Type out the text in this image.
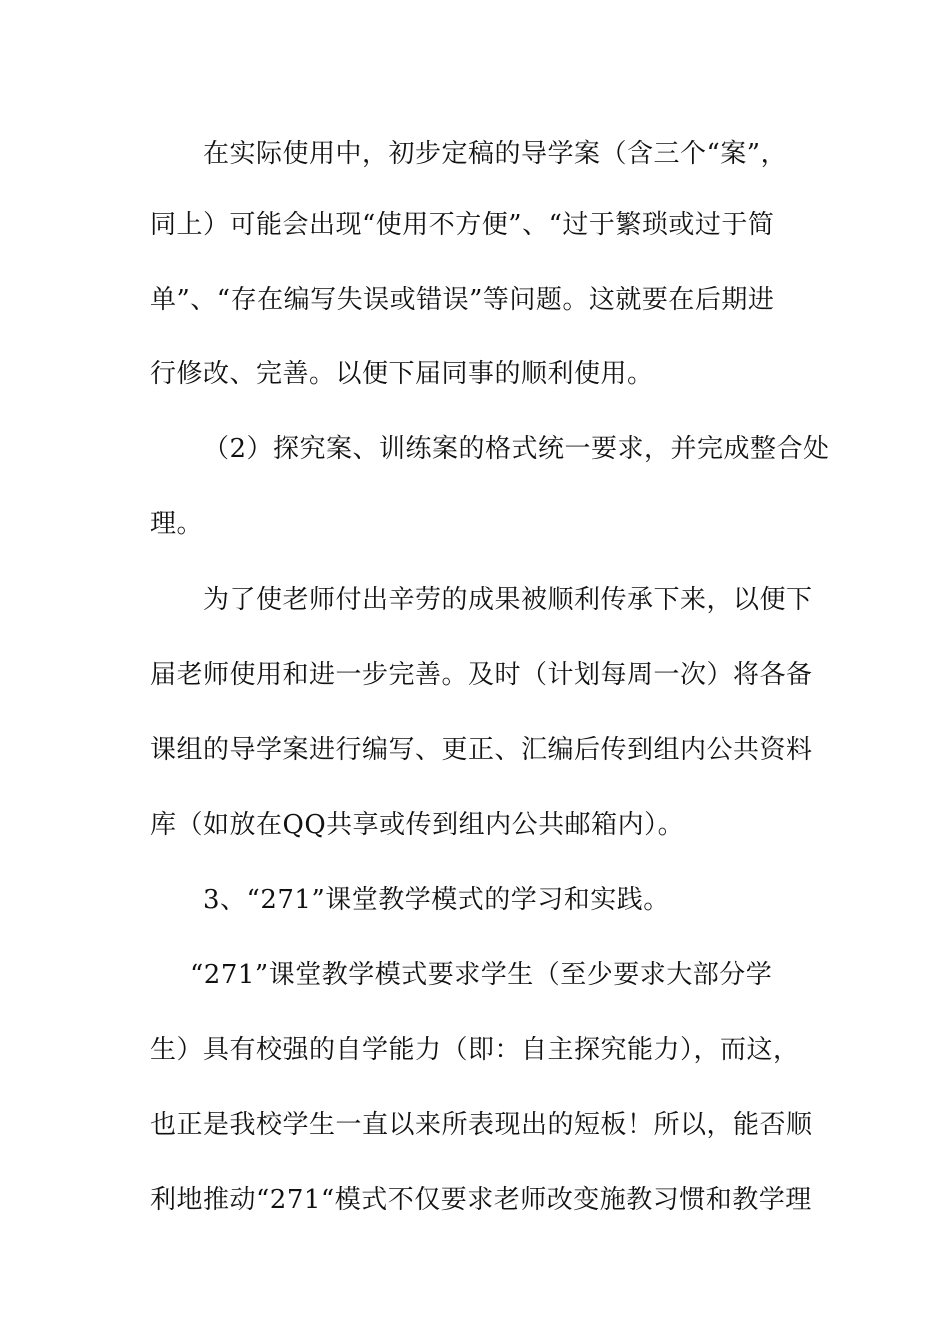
在实际使用中，初步定稿的导学案（含三个“案”，
同上）可能会出现“使用不方便”、“过于繁琐或过于简
单”、“存在编写失误或错误”等问题。这就要在后期进
行修改、完善。以便下届同事的顺利使用。
（2）探究案、训练案的格式统一要求，并完成整合处
理。
为了使老师付出辛劳的成果被顺利传承下来，以便下
届老师使用和进一步完善。及时（计划每周一次）将各备
课组的导学案进行编写、更正、汇编后传到组内公共资料
库（如放在QQ共享或传到组内公共邮箱内）。
3、“271”课堂教学模式的学习和实践。
“271”课堂教学模式要求学生（至少要求大部分学
生）具有校强的自学能力（即：自主探究能力），而这，
也正是我校学生一直以来所表现出的短板！所以，能否顺
利地推动“271“模式不仅要求老师改变施教习惯和教学理
